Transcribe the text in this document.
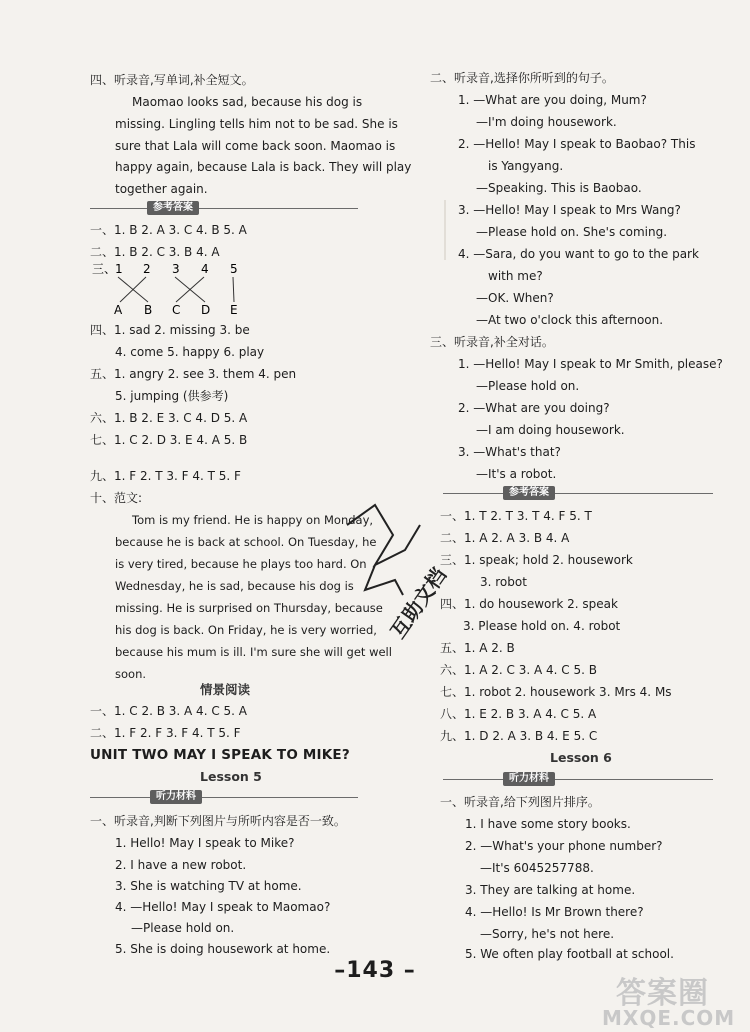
四、听录音,写单词,补全短文。
Maomao looks sad, because his dog is
missing. Lingling tells him not to be sad. She is
sure that Lala will come back soon. Maomao is
happy again, because Lala is back. They will play
together again.
参考答案
一、1. B 2. A 3. C 4. B 5. A
二、1. B 2. C 3. B 4. A
三、
1 2 3 4 5
A B C D E
四、1. sad 2. missing 3. be
4. come 5. happy 6. play
五、1. angry 2. see 3. them 4. pen
5. jumping (供参考)
六、1. B 2. E 3. C 4. D 5. A
七、1. C 2. D 3. E 4. A 5. B
九、1. F 2. T 3. F 4. T 5. F
十、范文:
Tom is my friend. He is happy on Monday,
because he is back at school. On Tuesday, he
is very tired, because he plays too hard. On
Wednesday, he is sad, because his dog is
missing. He is surprised on Thursday, because
his dog is back. On Friday, he is very worried,
because his mum is ill. I'm sure she will get well
soon.
情景阅读
一、1. C 2. B 3. A 4. C 5. A
二、1. F 2. F 3. F 4. T 5. F
UNIT TWO MAY I SPEAK TO MIKE?
Lesson 5
听力材料
一、听录音,判断下列图片与所听内容是否一致。
1. Hello! May I speak to Mike?
2. I have a new robot.
3. She is watching TV at home.
4. —Hello! May I speak to Maomao?
—Please hold on.
5. She is doing housework at home.
二、听录音,选择你所听到的句子。
1. —What are you doing, Mum?
—I'm doing housework.
2. —Hello! May I speak to Baobao? This
is Yangyang.
—Speaking. This is Baobao.
3. —Hello! May I speak to Mrs Wang?
—Please hold on. She's coming.
4. —Sara, do you want to go to the park
with me?
—OK. When?
—At two o'clock this afternoon.
三、听录音,补全对话。
1. —Hello! May I speak to Mr Smith, please?
—Please hold on.
2. —What are you doing?
—I am doing housework.
3. —What's that?
—It's a robot.
参考答案
一、1. T 2. T 3. T 4. F 5. T
二、1. A 2. A 3. B 4. A
三、1. speak; hold 2. housework
3. robot
四、1. do housework 2. speak
3. Please hold on. 4. robot
五、1. A 2. B
六、1. A 2. C 3. A 4. C 5. B
七、1. robot 2. housework 3. Mrs 4. Ms
八、1. E 2. B 3. A 4. C 5. A
九、1. D 2. A 3. B 4. E 5. C
Lesson 6
听力材料
一、听录音,给下列图片排序。
1. I have some story books.
2. —What's your phone number?
—It's 6045257788.
3. They are talking at home.
4. —Hello! Is Mr Brown there?
—Sorry, he's not here.
5. We often play football at school.
互助文档
–143 –
答案圈
MXQE.COM
